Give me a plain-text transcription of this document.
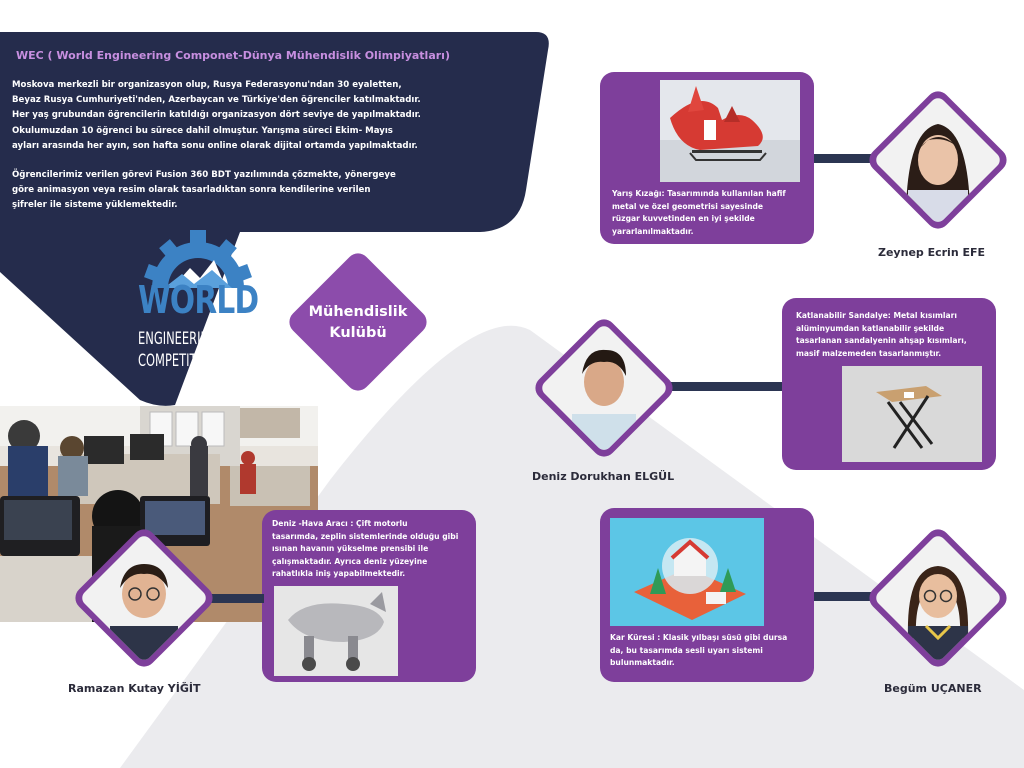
WEC ( World Engineering Componet-Dünya Mühendislik Olimpiyatları)
Moskova merkezli bir organizasyon olup, Rusya Federasyonu'ndan 30 eyaletten,
Beyaz Rusya Cumhuriyeti'nden, Azerbaycan ve Türkiye'den öğrenciler katılmaktadır.
Her yaş grubundan öğrencilerin katıldığı organizasyon dört seviye de yapılmaktadır.
Okulumuzdan 10 öğrenci bu sürece dahil olmuştur. Yarışma süreci Ekim- Mayıs
ayları arasında her ayın, son hafta sonu online olarak dijital ortamda yapılmaktadır.
Öğrencilerimiz verilen görevi Fusion 360 BDT yazılımında çözmekte, yönergeye
göre animasyon veya resim olarak tasarladıktan sonra kendilerine verilen
şifreler ile sisteme yüklemektedir.
WORLD
ENGINEERING
COMPETITIONS
Mühendislik
Kulübü
Yarış Kızağı: Tasarımında kullanılan hafif
metal ve özel geometrisi sayesinde
rüzgar kuvvetinden en iyi şekilde
yararlanılmaktadır.
Zeynep Ecrin EFE
Katlanabilir Sandalye: Metal kısımları
alüminyumdan katlanabilir şekilde
tasarlanan sandalyenin ahşap kısımları,
masif malzemeden tasarlanmıştır.
Deniz Dorukhan ELGÜL
Deniz -Hava Aracı : Çift motorlu
tasarımda, zeplin sistemlerinde olduğu gibi
ısınan havanın yükselme prensibi ile
çalışmaktadır. Ayrıca deniz yüzeyine
rahatlıkla iniş yapabilmektedir.
Ramazan Kutay YİĞİT
Kar Küresi : Klasik yılbaşı süsü gibi dursa
da, bu tasarımda sesli uyarı sistemi
bulunmaktadır.
Begüm UÇANER
